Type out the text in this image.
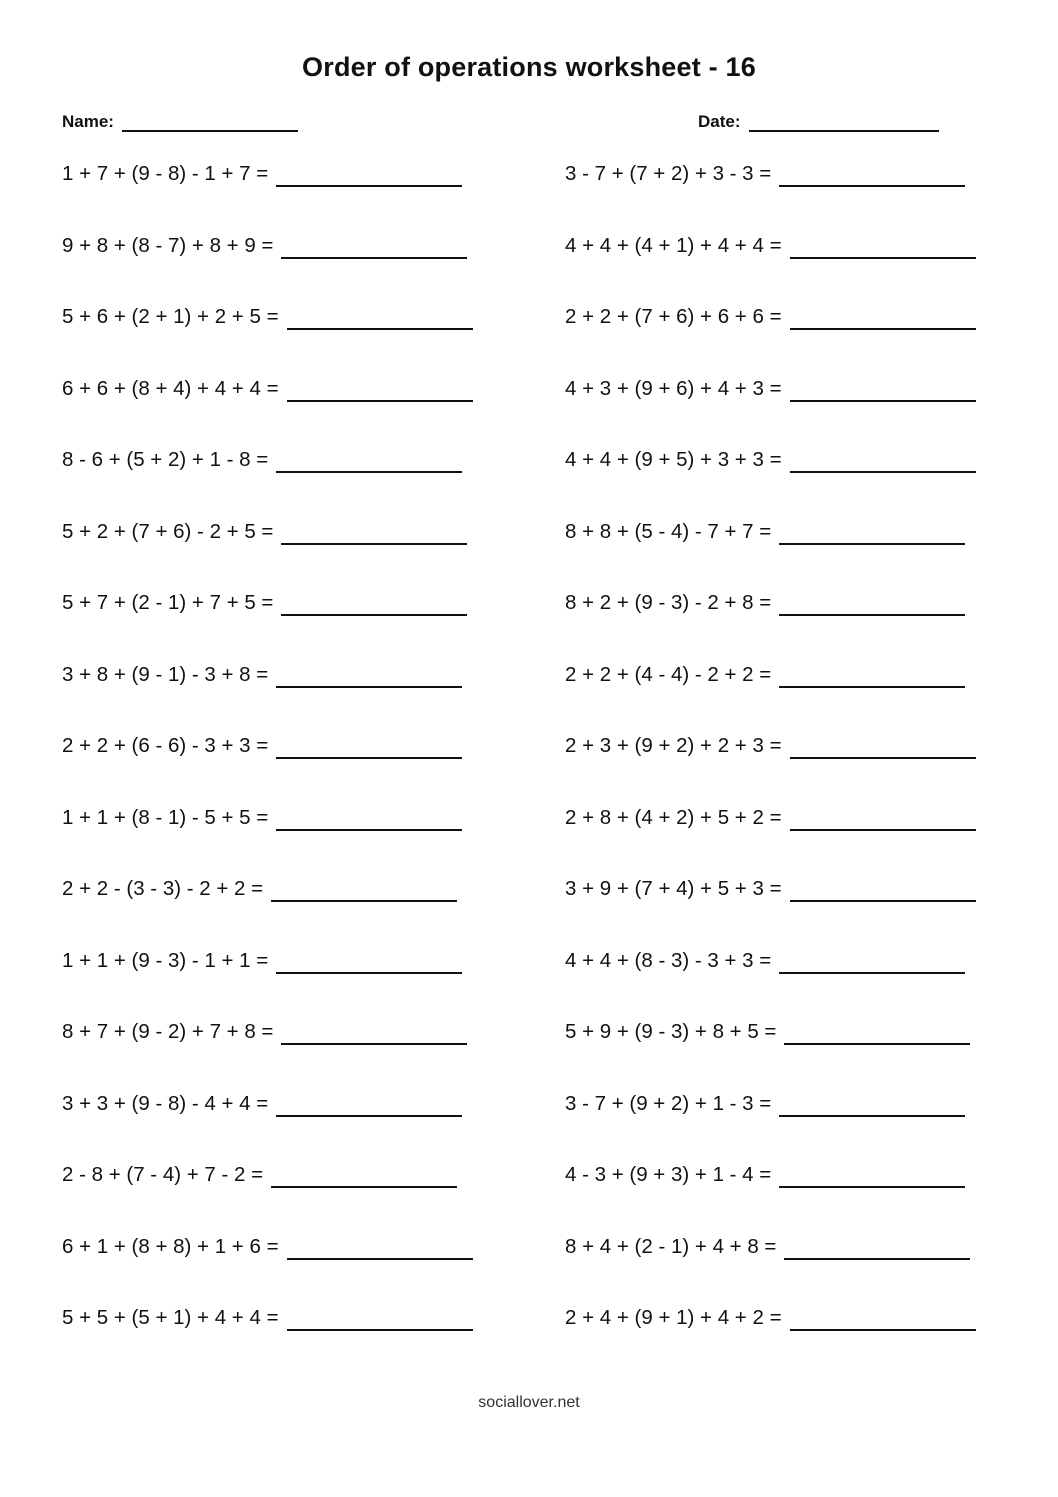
Order of operations worksheet - 16
Name:	Date:
1 + 7 + (9 - 8) - 1 + 7 =
9 + 8 + (8 - 7) + 8 + 9 =
5 + 6 + (2 + 1) + 2 + 5 =
6 + 6 + (8 + 4) + 4 + 4 =
8 - 6 + (5 + 2) + 1 - 8 =
5 + 2 + (7 + 6) - 2 + 5 =
5 + 7 + (2 - 1) + 7 + 5 =
3 + 8 + (9 - 1) - 3 + 8 =
2 + 2 + (6 - 6) - 3 + 3 =
1 + 1 + (8 - 1) - 5 + 5 =
2 + 2 - (3 - 3) - 2 + 2 =
1 + 1 + (9 - 3) - 1 + 1 =
8 + 7 + (9 - 2) + 7 + 8 =
3 + 3 + (9 - 8) - 4 + 4 =
2 - 8 + (7 - 4) + 7 - 2 =
6 + 1 + (8 + 8) + 1 + 6 =
5 + 5 + (5 + 1) + 4 + 4 =
3 - 7 + (7 + 2) + 3 - 3 =
4 + 4 + (4 + 1) + 4 + 4 =
2 + 2 + (7 + 6) + 6 + 6 =
4 + 3 + (9 + 6) + 4 + 3 =
4 + 4 + (9 + 5) + 3 + 3 =
8 + 8 + (5 - 4) - 7 + 7 =
8 + 2 + (9 - 3) - 2 + 8 =
2 + 2 + (4 - 4) - 2 + 2 =
2 + 3 + (9 + 2) + 2 + 3 =
2 + 8 + (4 + 2) + 5 + 2 =
3 + 9 + (7 + 4) + 5 + 3 =
4 + 4 + (8 - 3) - 3 + 3 =
5 + 9 + (9 - 3) + 8 + 5 =
3 - 7 + (9 + 2) + 1 - 3 =
4 - 3 + (9 + 3) + 1 - 4 =
8 + 4 + (2 - 1) + 4 + 8 =
2 + 4 + (9 + 1) + 4 + 2 =
sociallover.net
